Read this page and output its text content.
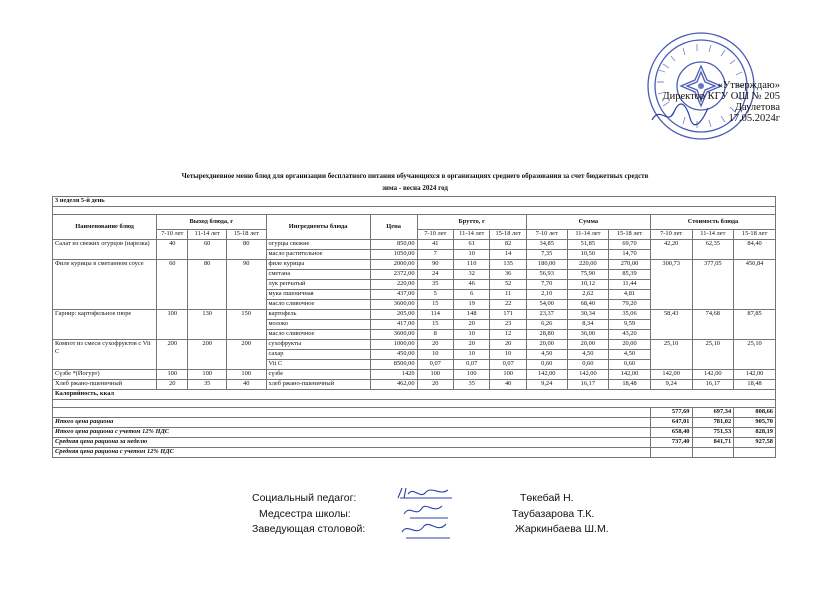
«Утверждаю»
Директор КГУ ОШ № 205
Даулетова
17.05.2024г
Четырехдневное меню блюд для организации бесплатного питания обучающихся в организациях среднего образования за счет бюджетных средств
зима - весна 2024 год
3 неделя 5-й день														

Наименование блюд	Выход блюда, г			Ингредиенты блюда	Цена	Брутто, г			Сумма			Стоимость блюда		
	7-10 лет	11-14 лет	15-18 лет			7-10 лет	11-14 лет	15-18 лет	7-10 лет	11-14 лет	15-18 лет	7-10 лет	11-14 лет	15-18 лет
Салат из свежих огурцов (нарезка)	40	60	80	огурцы свежие	850,00	41	61	82	34,85	51,85	69,70	42,20	62,35	84,40
				масло растительное	1050,00	7	10	14	7,35	10,50	14,70			
Филе курицы в сметанном соусе	60	80	90	филе курицы	2000,00	90	110	135	180,00	220,00	270,00	300,73	377,05	450,84
				сметана	2372,00	24	32	36	56,93	75,90	85,39			
				лук репчатый	220,00	35	46	52	7,70	10,12	11,44			
				мука пшеничная	437,00	5	6	11	2,10	2,62	4,81			
				масло сливочное	3600,00	15	19	22	54,00	68,40	79,20			
Гарнир: картофельное пюре	100	130	150	картофель	205,00	114	148	171	23,37	30,34	35,06	58,43	74,68	87,85
				молоко	417,00	15	20	23	6,26	8,34	9,59			
				масло сливочное	3600,00	8	10	12	28,80	36,00	43,20			
Компот из смеси сухофруктов с Vit C	200	200	200	сухофрукты	1000,00	20	20	20	20,00	20,00	20,00	25,10	25,10	25,10
				сахар	450,00	10	10	10	4,50	4,50	4,50			
				Vit C	8500,00	0,07	0,07	0,07	0,60	0,60	0,60			
Сүзбе *(Йогурт)	100	100	100	сүзбе	1420	100	100	100	142,00	142,00	142,00	142,00	142,00	142,00
Хлеб ржано-пшеничный	20	35	40	хлеб ржано-пшеничный	462,00	20	35	40	9,24	16,17	18,48	9,24	16,17	18,48
Калорийность, ккал														

												577,69	697,34	808,66
Итого цена рациона												647,01	781,02	905,70
Итого цена рациона с учетом 12% НДС												658,40	751,53	828,19
Средняя цена рациона за неделю												737,40	841,71	927,58
Средняя цена рациона с учетом 12% НДС														
Социальный педагог:
Медсестра школы:
Заведующая столовой:
Төкебай Н.
Таубазарова Т.К.
Жаркинбаева Ш.М.
